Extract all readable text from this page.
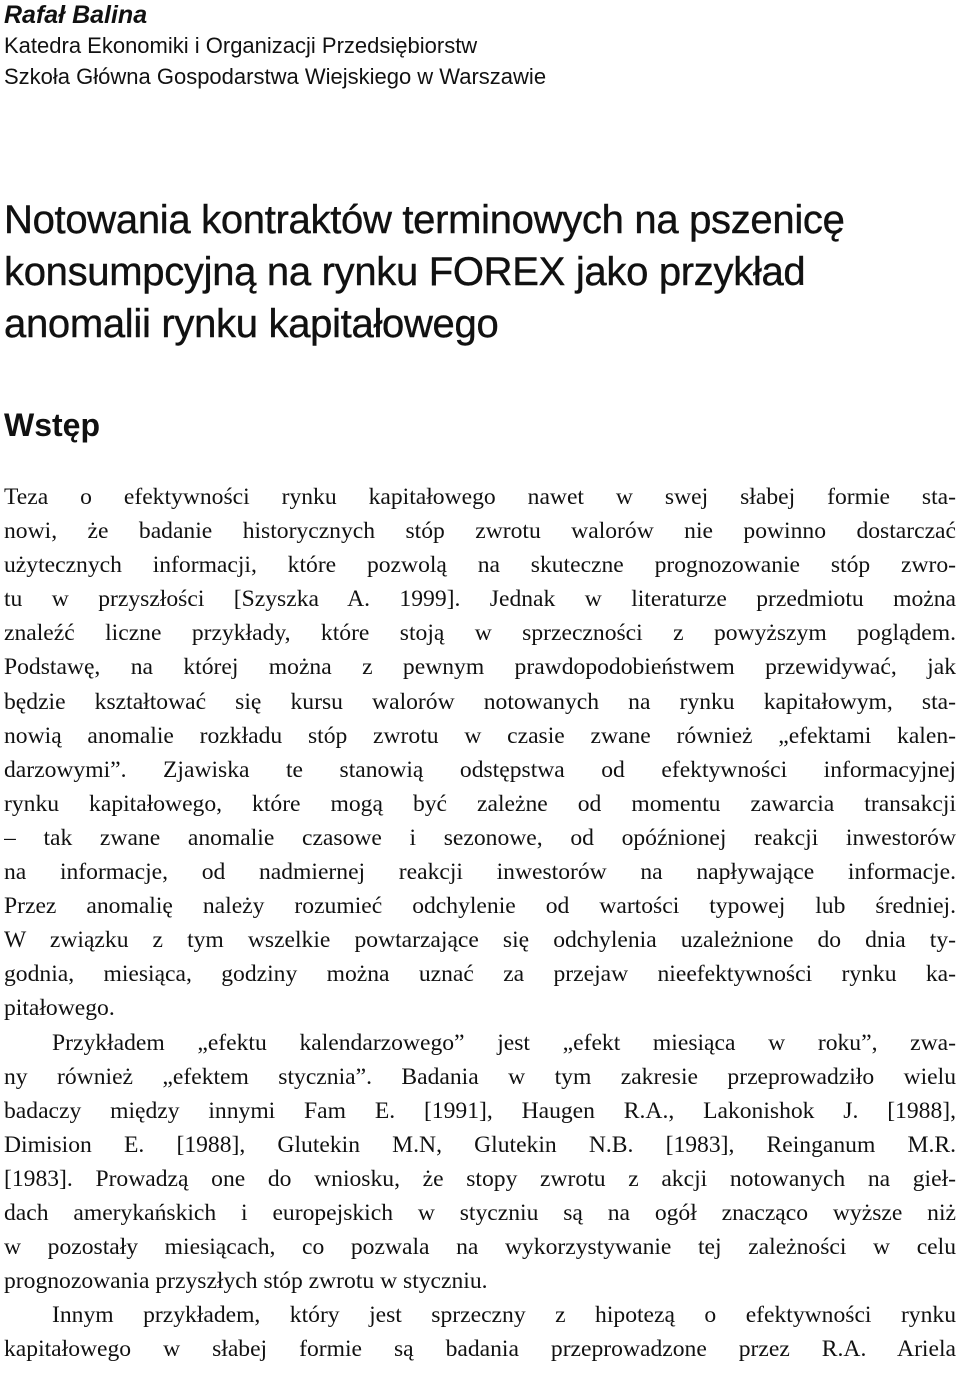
Rafał Balina

Katedra Ekonomiki i Organizacji Przedsiębiorstw

Szkoła Główna Gospodarstwa Wiejskiego w Warszawie

Notowania kontraktów terminowych na pszenicę konsumpcyjną na rynku FOREX jako przykład anomalii rynku kapitałowego
Wstęp

Teza o efektywności rynku kapitałowego nawet w swej słabej formie sta-
nowi, że badanie historycznych stóp zwrotu walorów nie powinno dostarczać
użytecznych informacji, które pozwolą na skuteczne prognozowanie stóp zwro-
tu w przyszłości [Szyszka A. 1999]. Jednak w literaturze przedmiotu można
znaleźć liczne przykłady, które stoją w sprzeczności z powyższym poglądem.
Podstawę, na której można z pewnym prawdopodobieństwem przewidywać, jak
będzie kształtować się kursu walorów notowanych na rynku kapitałowym, sta-
nowią anomalie rozkładu stóp zwrotu w czasie zwane również „efektami kalen-
darzowymi”. Zjawiska te stanowią odstępstwa od efektywności informacyjnej
rynku kapitałowego, które mogą być zależne od momentu zawarcia transakcji
– tak zwane anomalie czasowe i sezonowe, od opóźnionej reakcji inwestorów
na informacje, od nadmiernej reakcji inwestorów na napływające informacje.
Przez anomalię należy rozumieć odchylenie od wartości typowej lub średniej.
W związku z tym wszelkie powtarzające się odchylenia uzależnione do dnia ty-
godnia, miesiąca, godziny można uznać za przejaw nieefektywności rynku ka-
pitałowego.

Przykładem „efektu kalendarzowego” jest „efekt miesiąca w roku”, zwa-
ny również „efektem stycznia”. Badania w tym zakresie przeprowadziło wielu
badaczy między innymi Fam E. [1991], Haugen R.A., Lakonishok J. [1988],
Dimision E. [1988], Glutekin M.N, Glutekin N.B. [1983], Reinganum M.R.
[1983]. Prowadzą one do wniosku, że stopy zwrotu z akcji notowanych na gieł-
dach amerykańskich i europejskich w styczniu są na ogół znacząco wyższe niż
w pozostały miesiącach, co pozwala na wykorzystywanie tej zależności w celu
prognozowania przyszłych stóp zwrotu w styczniu.

Innym przykładem, który jest sprzeczny z hipotezą o efektywności rynku
kapitałowego w słabej formie są badania przeprowadzone przez R.A. Ariela
